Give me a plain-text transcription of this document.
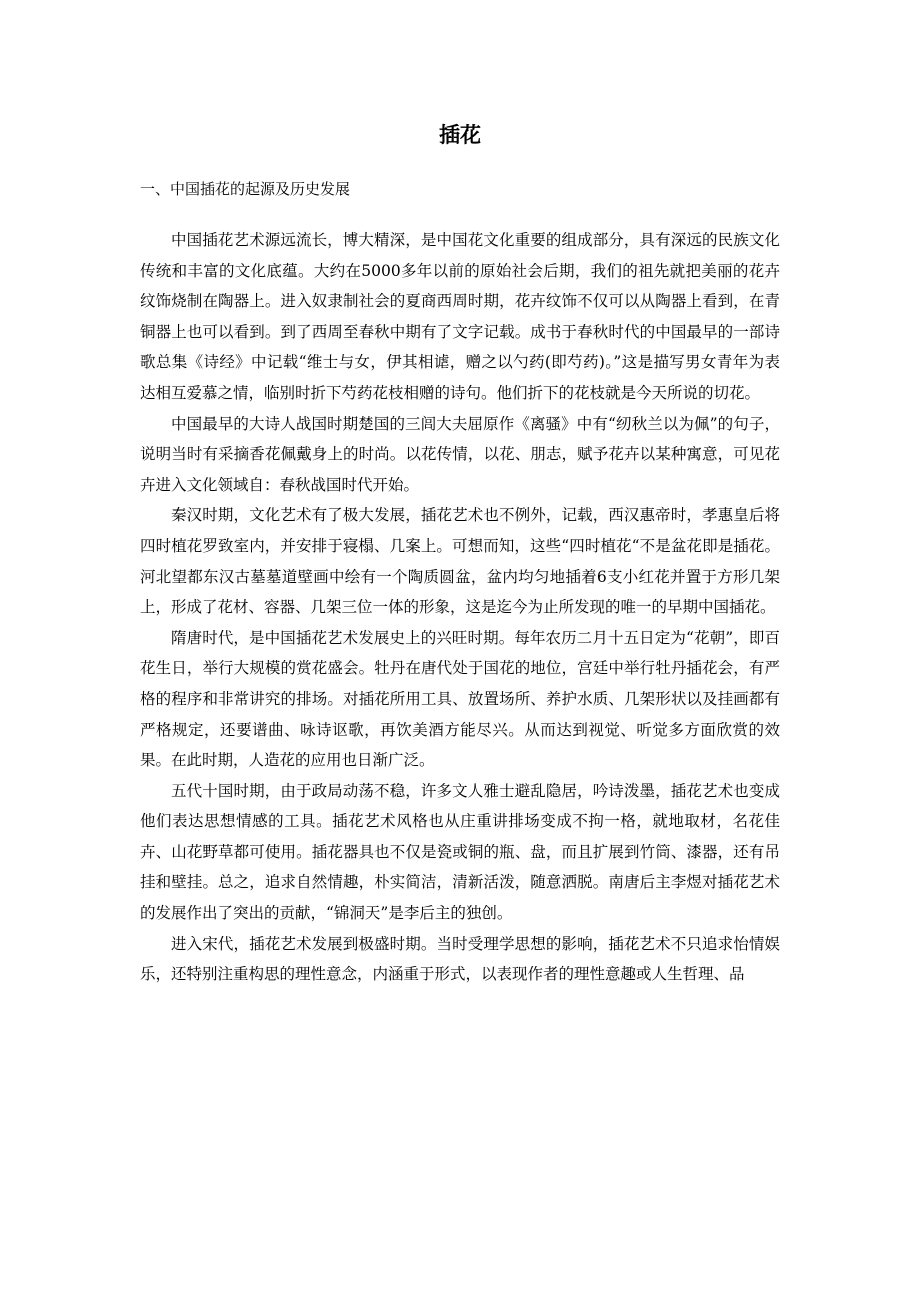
插花

一、中国插花的起源及历史发展

中国插花艺术源远流长，博大精深，是中国花文化重要的组成部分，具有深远的民族文化传统和丰富的文化底蕴。大约在5000多年以前的原始社会后期，我们的祖先就把美丽的花卉纹饰烧制在陶器上。进入奴隶制社会的夏商西周时期，花卉纹饰不仅可以从陶器上看到，在青铜器上也可以看到。到了西周至春秋中期有了文字记载。成书于春秋时代的中国最早的一部诗歌总集《诗经》中记载“维士与女，伊其相谑，赠之以勺药(即芍药)。”这是描写男女青年为表达相互爱慕之情，临别时折下芍药花枝相赠的诗句。他们折下的花枝就是今天所说的切花。

中国最早的大诗人战国时期楚国的三闾大夫屈原作《离骚》中有“纫秋兰以为佩”的句子，说明当时有采摘香花佩戴身上的时尚。以花传情，以花、朋志，赋予花卉以某种寓意，可见花卉进入文化领域自：春秋战国时代开始。

秦汉时期，文化艺术有了极大发展，插花艺术也不例外，记载，西汉惠帝时，孝惠皇后将四时植花罗致室内，并安排于寝榻、几案上。可想而知，这些“四时植花“不是盆花即是插花。河北望都东汉古墓墓道壁画中绘有一个陶质圆盆，盆内均匀地插着6支小红花并置于方形几架上，形成了花材、容器、几架三位一体的形象，这是迄今为止所发现的唯一的早期中国插花。

隋唐时代，是中国插花艺术发展史上的兴旺时期。每年农历二月十五日定为“花朝”，即百花生日，举行大规模的赏花盛会。牡丹在唐代处于国花的地位，宫廷中举行牡丹插花会，有严格的程序和非常讲究的排场。对插花所用工具、放置场所、养护水质、几架形状以及挂画都有严格规定，还要谱曲、咏诗讴歌，再饮美酒方能尽兴。从而达到视觉、听觉多方面欣赏的效果。在此时期，人造花的应用也日渐广泛。

五代十国时期，由于政局动荡不稳，许多文人雅士避乱隐居，吟诗泼墨，插花艺术也变成他们表达思想情感的工具。插花艺术风格也从庄重讲排场变成不拘一格，就地取材，名花佳卉、山花野草都可使用。插花器具也不仅是瓷或铜的瓶、盘，而且扩展到竹筒、漆器，还有吊挂和壁挂。总之，追求自然情趣，朴实简洁，清新活泼，随意洒脱。南唐后主李煜对插花艺术的发展作出了突出的贡献，“锦洞天”是李后主的独创。

进入宋代，插花艺术发展到极盛时期。当时受理学思想的影响，插花艺术不只追求怡情娱乐，还特别注重构思的理性意念，内涵重于形式，以表现作者的理性意趣或人生哲理、品
